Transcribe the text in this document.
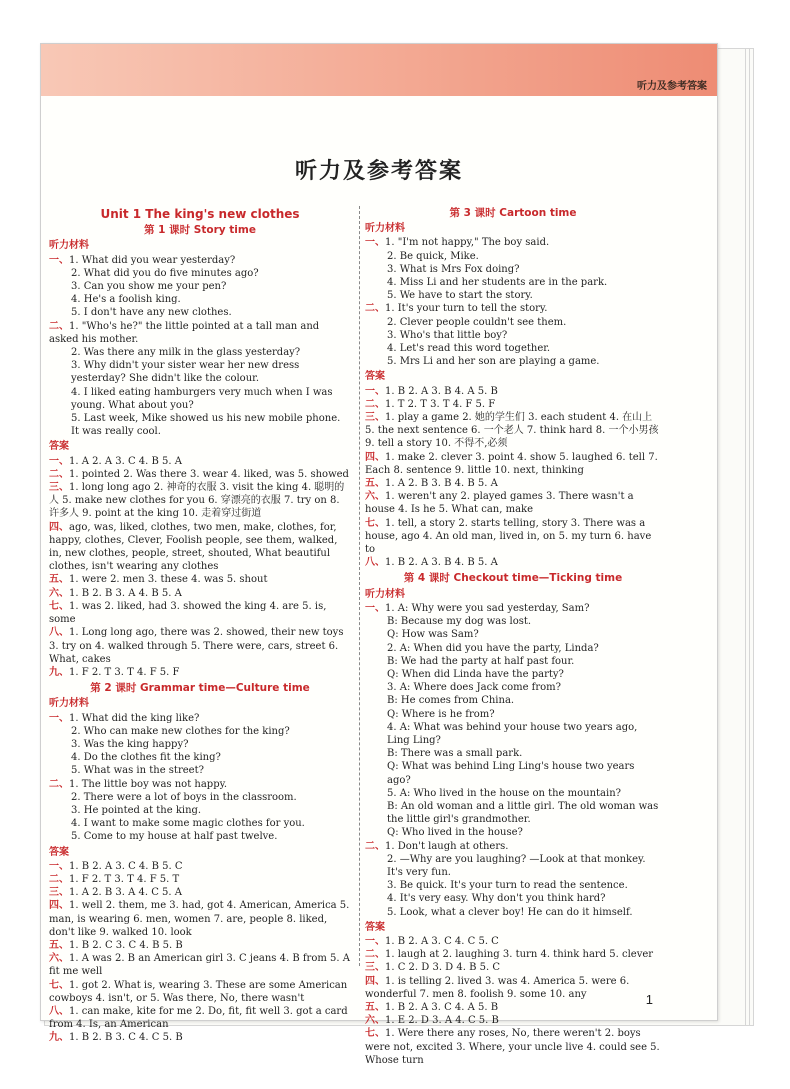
听力及参考答案
听力及参考答案
Unit 1 The king's new clothes
第 1 课时 Story time
听力材料
一、1. What did you wear yesterday?
2. What did you do five minutes ago?
3. Can you show me your pen?
4. He's a foolish king.
5. I don't have any new clothes.
二、1. "Who's he?" the little pointed at a tall man and asked his mother.
2. Was there any milk in the glass yesterday?
3. Why didn't your sister wear her new dress yesterday? She didn't like the colour.
4. I liked eating hamburgers very much when I was young. What about you?
5. Last week, Mike showed us his new mobile phone. It was really cool.
答案
一、1. A 2. A 3. C 4. B 5. A
二、1. pointed 2. Was there 3. wear 4. liked, was 5. showed
三、1. long long ago 2. 神奇的衣服 3. visit the king 4. 聪明的人 5. make new clothes for you 6. 穿漂亮的衣服 7. try on 8. 许多人 9. point at the king 10. 走着穿过街道
四、ago, was, liked, clothes, two men, make, clothes, for, happy, clothes, Clever, Foolish people, see them, walked, in, new clothes, people, street, shouted, What beautiful clothes, isn't wearing any clothes
五、1. were 2. men 3. these 4. was 5. shout
六、1. B 2. B 3. A 4. B 5. A
七、1. was 2. liked, had 3. showed the king 4. are 5. is, some
八、1. Long long ago, there was 2. showed, their new toys 3. try on 4. walked through 5. There were, cars, street 6. What, cakes
九、1. F 2. T 3. T 4. F 5. F
第 2 课时 Grammar time—Culture time
听力材料
一、1. What did the king like?
2. Who can make new clothes for the king?
3. Was the king happy?
4. Do the clothes fit the king?
5. What was in the street?
二、1. The little boy was not happy.
2. There were a lot of boys in the classroom.
3. He pointed at the king.
4. I want to make some magic clothes for you.
5. Come to my house at half past twelve.
答案
一、1. B 2. A 3. C 4. B 5. C
二、1. F 2. T 3. T 4. F 5. T
三、1. A 2. B 3. A 4. C 5. A
四、1. well 2. them, me 3. had, got 4. American, America 5. man, is wearing 6. men, women 7. are, people 8. liked, don't like 9. walked 10. look
五、1. B 2. C 3. C 4. B 5. B
六、1. A was 2. B an American girl 3. C jeans 4. B from 5. A fit me well
七、1. got 2. What is, wearing 3. These are some American cowboys 4. isn't, or 5. Was there, No, there wasn't
八、1. can make, kite for me 2. Do, fit, fit well 3. got a card from 4. Is, an American
九、1. B 2. B 3. C 4. C 5. B
第 3 课时 Cartoon time
听力材料
一、1. "I'm not happy," The boy said.
2. Be quick, Mike.
3. What is Mrs Fox doing?
4. Miss Li and her students are in the park.
5. We have to start the story.
二、1. It's your turn to tell the story.
2. Clever people couldn't see them.
3. Who's that little boy?
4. Let's read this word together.
5. Mrs Li and her son are playing a game.
答案
一、1. B 2. A 3. B 4. A 5. B
二、1. T 2. T 3. T 4. F 5. F
三、1. play a game 2. 她的学生们 3. each student 4. 在山上 5. the next sentence 6. 一个老人 7. think hard 8. 一个小男孩 9. tell a story 10. 不得不,必须
四、1. make 2. clever 3. point 4. show 5. laughed 6. tell 7. Each 8. sentence 9. little 10. next, thinking
五、1. A 2. B 3. B 4. B 5. A
六、1. weren't any 2. played games 3. There wasn't a house 4. Is he 5. What can, make
七、1. tell, a story 2. starts telling, story 3. There was a house, ago 4. An old man, lived in, on 5. my turn 6. have to
八、1. B 2. A 3. B 4. B 5. A
第 4 课时 Checkout time—Ticking time
听力材料
一、1. A: Why were you sad yesterday, Sam?
B: Because my dog was lost.
Q: How was Sam?
2. A: When did you have the party, Linda?
B: We had the party at half past four.
Q: When did Linda have the party?
3. A: Where does Jack come from?
B: He comes from China.
Q: Where is he from?
4. A: What was behind your house two years ago, Ling Ling?
B: There was a small park.
Q: What was behind Ling Ling's house two years ago?
5. A: Who lived in the house on the mountain?
B: An old woman and a little girl. The old woman was the little girl's grandmother.
Q: Who lived in the house?
二、1. Don't laugh at others.
2. —Why are you laughing? —Look at that monkey. It's very fun.
3. Be quick. It's your turn to read the sentence.
4. It's very easy. Why don't you think hard?
5. Look, what a clever boy! He can do it himself.
答案
一、1. B 2. A 3. C 4. C 5. C
二、1. laugh at 2. laughing 3. turn 4. think hard 5. clever
三、1. C 2. D 3. D 4. B 5. C
四、1. is telling 2. lived 3. was 4. America 5. were 6. wonderful 7. men 8. foolish 9. some 10. any
五、1. B 2. A 3. C 4. A 5. B
六、1. E 2. D 3. A 4. C 5. B
七、1. Were there any roses, No, there weren't 2. boys were not, excited 3. Where, your uncle live 4. could see 5. Whose turn
1
